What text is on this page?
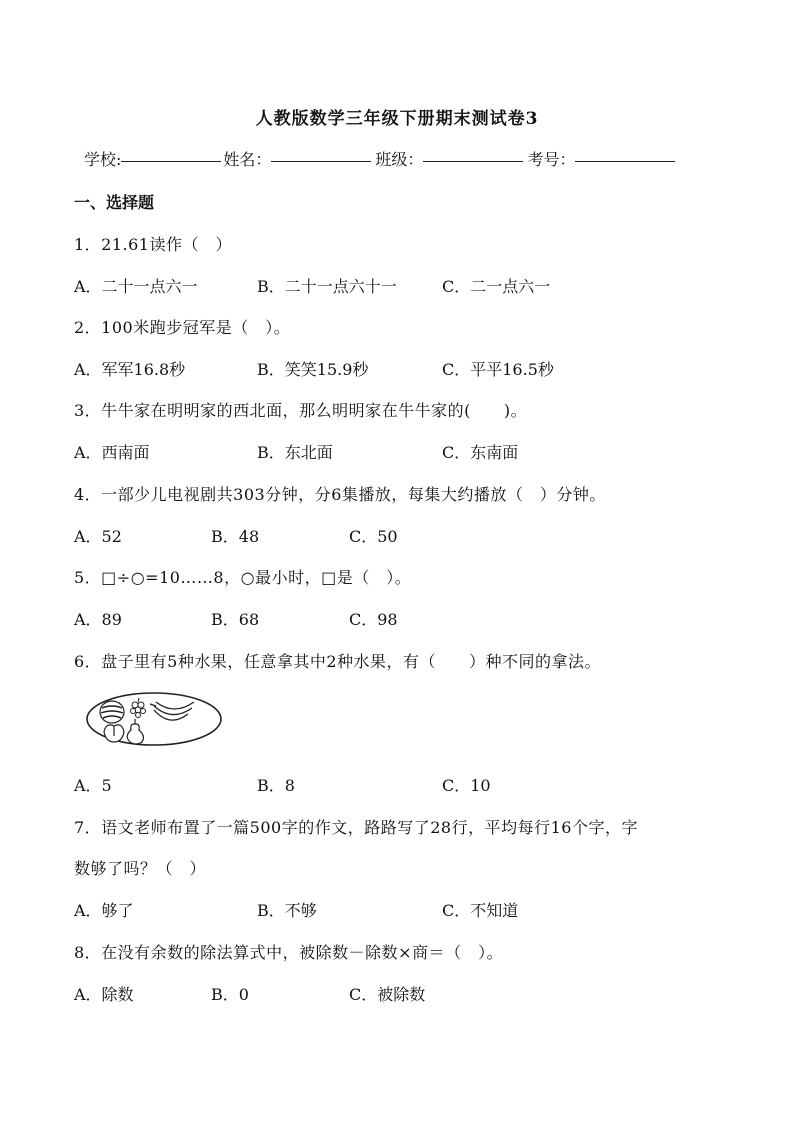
人教版数学三年级下册期末测试卷3
学校:	姓名：	班级：	考号：
一、选择题
1．21.61读作（　）
A．二十一点六一	B．二十一点六十一	C．二一点六一
2．100米跑步冠军是（　）。
A．军军16.8秒	B．笑笑15.9秒	C．平平16.5秒
3．牛牛家在明明家的西北面，那么明明家在牛牛家的(　　)。
A．西南面	B．东北面	C．东南面
4．一部少儿电视剧共303分钟，分6集播放，每集大约播放（　）分钟。
A．52	B．48	C．50
5．□÷○=10……8，○最小时，□是（　）。
A．89	B．68	C．98
6．盘子里有5种水果，任意拿其中2种水果，有（　　）种不同的拿法。
A．5	B．8	C．10
7．语文老师布置了一篇500字的作文，路路写了28行，平均每行16个字，字
数够了吗？（　）
A．够了	B．不够	C．不知道
8．在没有余数的除法算式中，被除数－除数×商＝（　）。
A．除数	B．0	C．被除数
